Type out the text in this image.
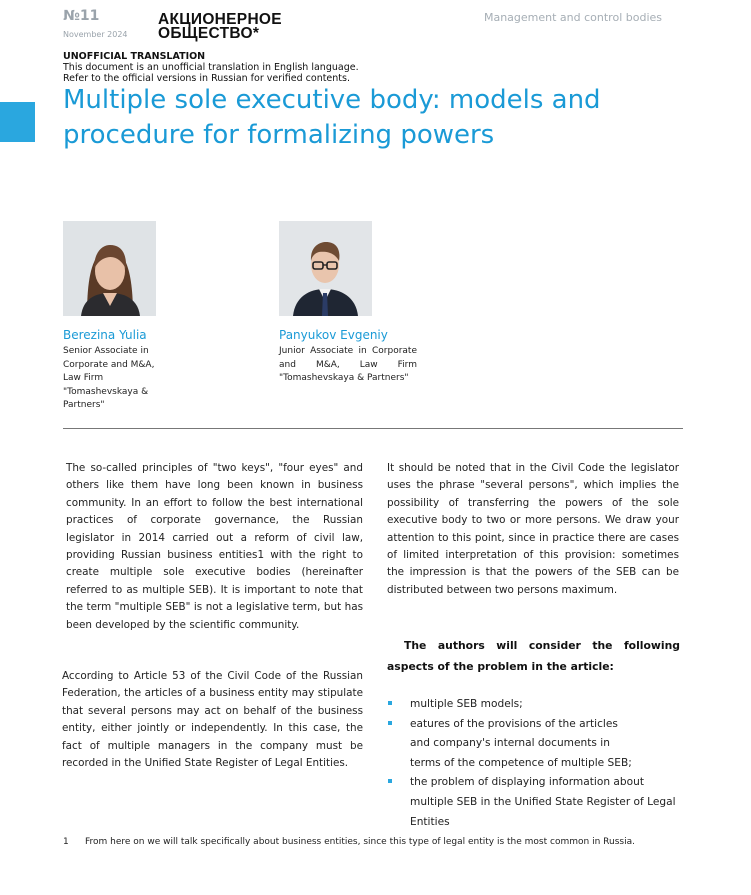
№11
November 2024
АКЦИОНЕРНОЕ
ОБЩЕСТВО*
Management and control bodies
UNOFFICIAL TRANSLATION
This document is an unofficial translation in English language.
Refer to the official versions in Russian for verified contents.
Multiple sole executive body: models and procedure for formalizing powers
Berezina Yulia
Senior Associate in
Corporate and M&A,
Law Firm
"Tomashevskaya &
Partners"
Panyukov Evgeniy
Junior Associate in Corporate
and M&A, Law Firm
"Tomashevskaya & Partners"

The so-called principles of "two keys", "four eyes" and others like them have long been known in business community. In an effort to follow the best international practices of corporate governance, the Russian legislator in 2014 carried out a reform of civil law, providing Russian business entities1 with the right to create multiple sole executive bodies (hereinafter referred to as multiple SEB). It is important to note that the term "multiple SEB" is not a legislative term, but has been developed by the scientific community.

According to Article 53 of the Civil Code of the Russian Federation, the articles of a business entity may stipulate that several persons may act on behalf of the business entity, either jointly or independently. In this case, the fact of multiple managers in the company must be recorded in the Unified State Register of Legal Entities.

It should be noted that in the Civil Code the legislator uses the phrase "several persons", which implies the possibility of transferring the powers of the sole executive body to two or more persons. We draw your attention to this point, since in practice there are cases of limited interpretation of this provision: sometimes the impression is that the powers of the SEB can be distributed between two persons maximum.

The authors will consider the following aspects of the problem in the article:

multiple SEB models;
eatures of the provisions of the articles and company's internal documents in terms of the competence of multiple SEB;
the problem of displaying information about multiple SEB in the Unified State Register of Legal Entities
1 From here on we will talk specifically about business entities, since this type of legal entity is the most common in Russia.
